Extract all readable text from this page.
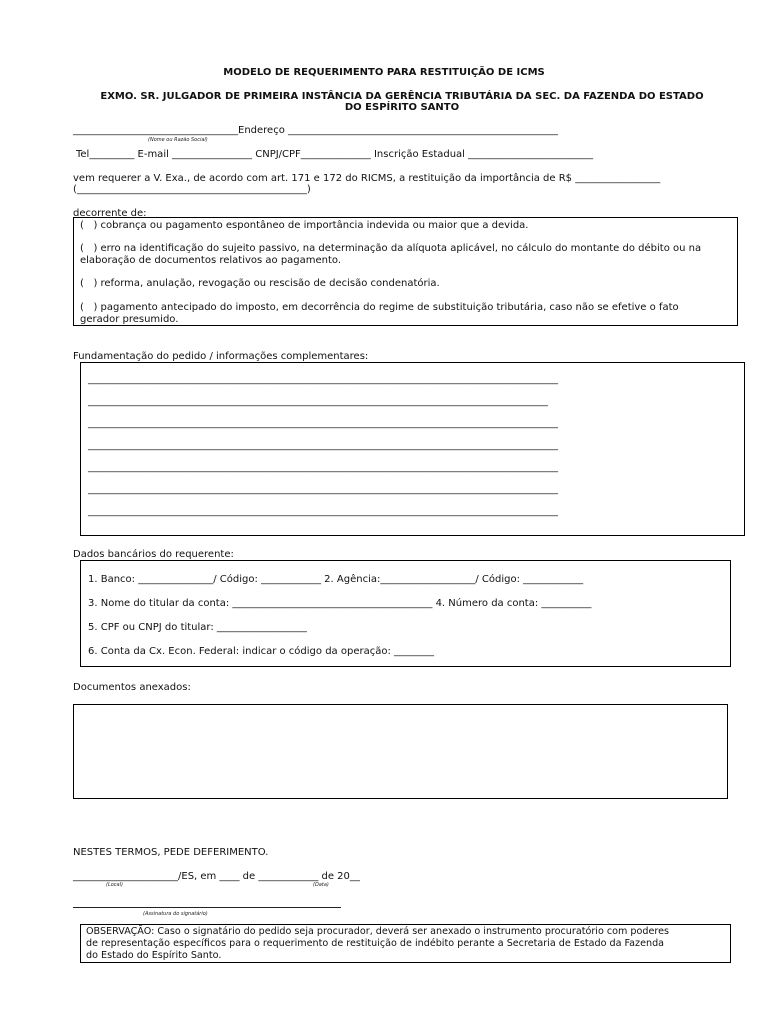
MODELO DE REQUERIMENTO PARA RESTITUIÇÃO DE ICMS
EXMO. SR. JULGADOR DE PRIMEIRA INSTÂNCIA DA GERÊNCIA TRIBUTÁRIA DA SEC. DA FAZENDA DO ESTADO
DO ESPÍRITO SANTO
_________________________________Endereço ______________________________________________________
(Nome ou Razão Social)
Tel_________ E-mail ________________ CNPJ/CPF______________ Inscrição Estadual _________________________
vem requerer a V. Exa., de acordo com art. 171 e 172 do RICMS, a restituição da importância de R$ _________________
(______________________________________________)
decorrente de:
(   ) cobrança ou pagamento espontâneo de importância indevida ou maior que a devida.
(   ) erro na identificação do sujeito passivo, na determinação da alíquota aplicável, no cálculo do montante do débito ou na
elaboração de documentos relativos ao pagamento.
(   ) reforma, anulação, revogação ou rescisão de decisão condenatória.
(   ) pagamento antecipado do imposto, em decorrência do regime de substituição tributária, caso não se efetive o fato
gerador presumido.
Fundamentação do pedido / informações complementares:
______________________________________________________________________________________________
____________________________________________________________________________________________
______________________________________________________________________________________________
______________________________________________________________________________________________
______________________________________________________________________________________________
______________________________________________________________________________________________
______________________________________________________________________________________________
Dados bancários do requerente:
1. Banco: _______________/ Código: ____________ 2. Agência:___________________/ Código: ____________
3. Nome do titular da conta: ________________________________________ 4. Número da conta: __________
5. CPF ou CNPJ do titular: __________________
6. Conta da Cx. Econ. Federal: indicar o código da operação: ________
Documentos anexados:
NESTES TERMOS, PEDE DEFERIMENTO.
_____________________/ES, em ____ de ____________ de 20__
(Local)	(Data)
(Assinatura do signatário)
OBSERVAÇÃO: Caso o signatário do pedido seja procurador, deverá ser anexado o instrumento procuratório com poderes
de representação específicos para o requerimento de restituição de indébito perante a Secretaria de Estado da Fazenda
do Estado do Espírito Santo.
